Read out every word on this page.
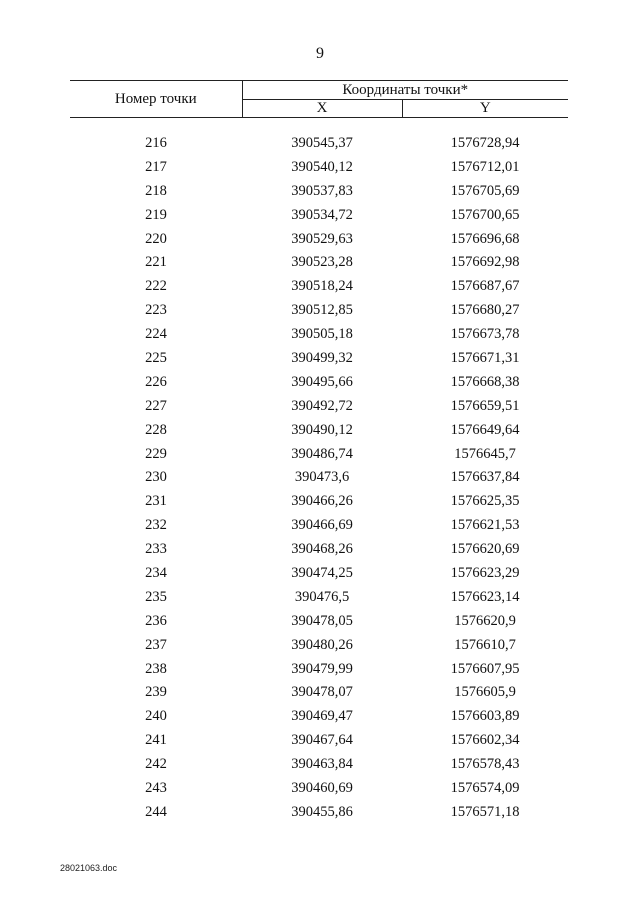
9
Номер точки	Координаты точки*	
	X	Y

216	390545,37	1576728,94
217	390540,12	1576712,01
218	390537,83	1576705,69
219	390534,72	1576700,65
220	390529,63	1576696,68
221	390523,28	1576692,98
222	390518,24	1576687,67
223	390512,85	1576680,27
224	390505,18	1576673,78
225	390499,32	1576671,31
226	390495,66	1576668,38
227	390492,72	1576659,51
228	390490,12	1576649,64
229	390486,74	1576645,7
230	390473,6	1576637,84
231	390466,26	1576625,35
232	390466,69	1576621,53
233	390468,26	1576620,69
234	390474,25	1576623,29
235	390476,5	1576623,14
236	390478,05	1576620,9
237	390480,26	1576610,7
238	390479,99	1576607,95
239	390478,07	1576605,9
240	390469,47	1576603,89
241	390467,64	1576602,34
242	390463,84	1576578,43
243	390460,69	1576574,09
244	390455,86	1576571,18
28021063.doc
